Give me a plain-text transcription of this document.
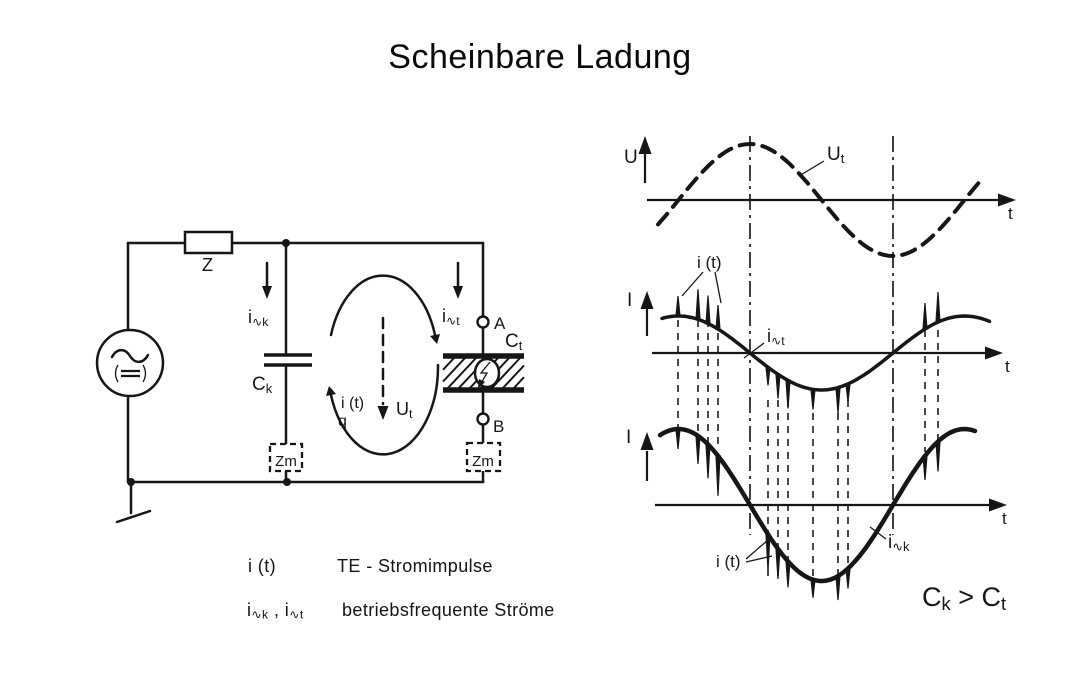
Scheinbare Ladung
Z
Ck
i∿k	i∿t
Zm	Zm
A
Ct
B
i (t)
q
Ut
U
t
Ut
I
t
i (t)
i∿t
I
t
i (t)
i∿k
Ck > Ct
i (t)	TE - Stromimpulse
$i_{∿k}$ , $i_{∿t}$ betriebsfrequente Ströme
